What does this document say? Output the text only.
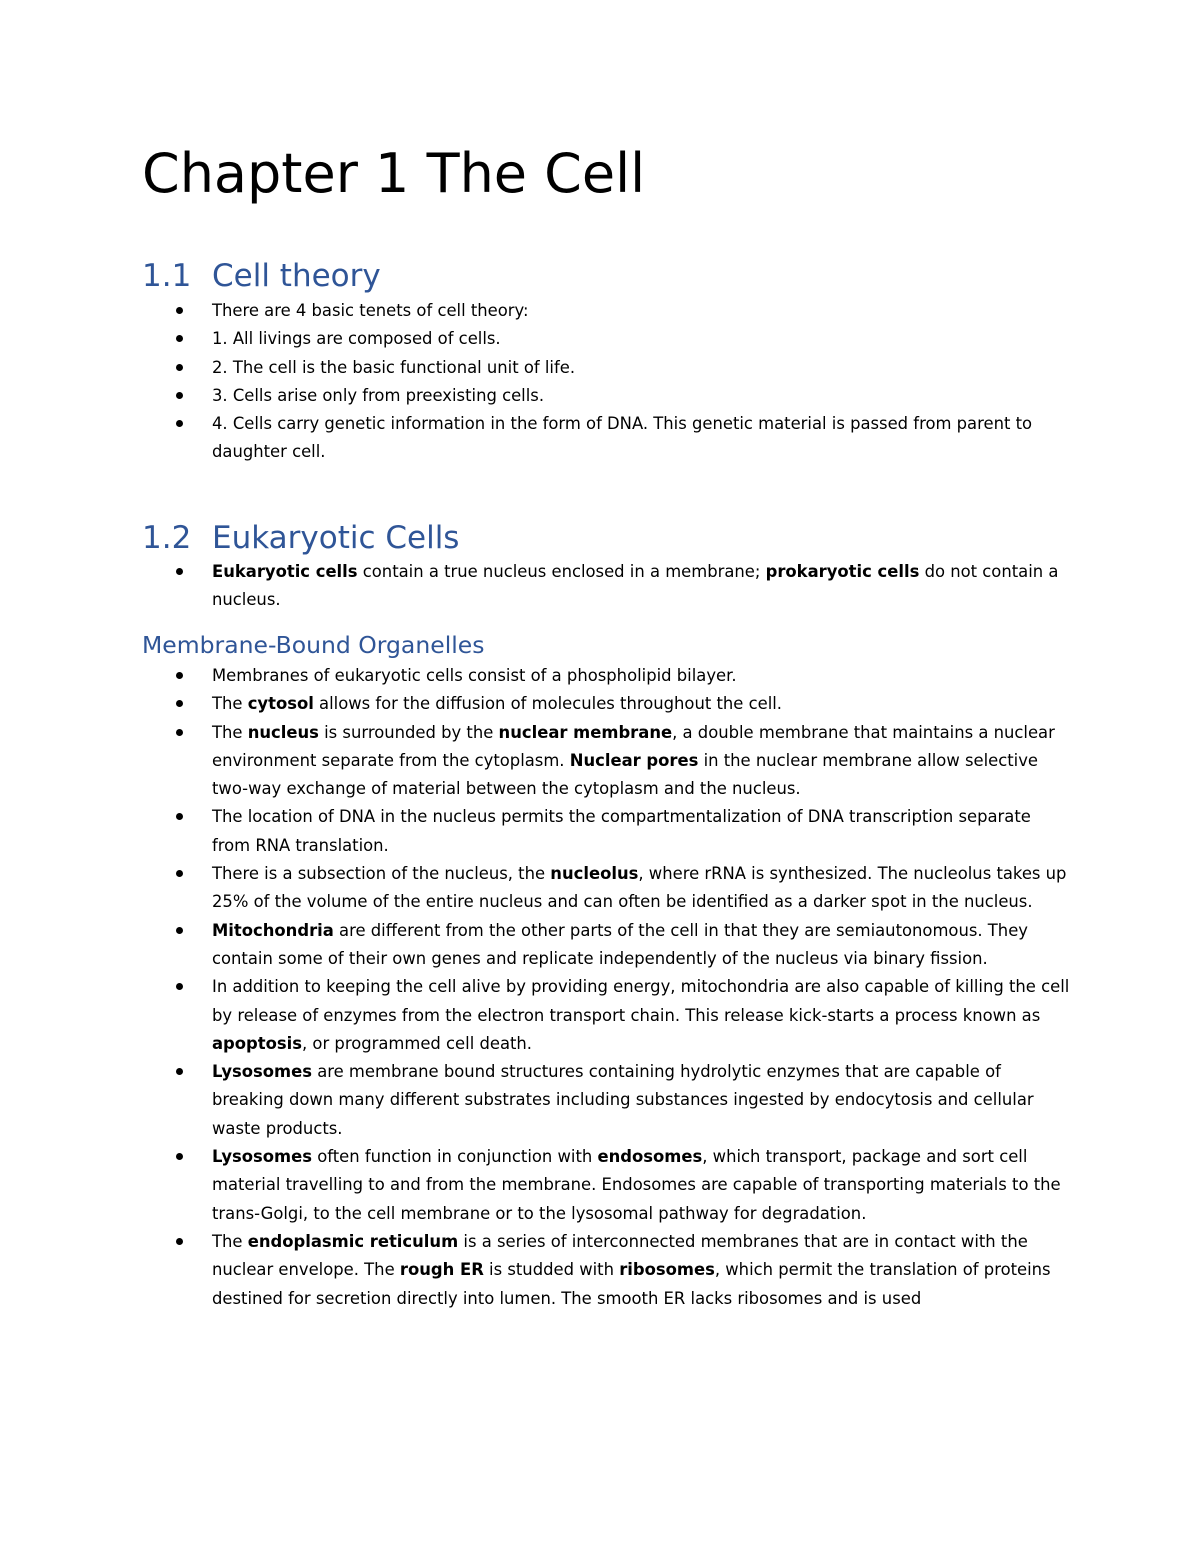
Chapter 1 The Cell
1.1 Cell theory
There are 4 basic tenets of cell theory:
1. All livings are composed of cells.
2. The cell is the basic functional unit of life.
3. Cells arise only from preexisting cells.
4. Cells carry genetic information in the form of DNA. This genetic material is passed from parent to daughter cell.
1.2 Eukaryotic Cells
Eukaryotic cells contain a true nucleus enclosed in a membrane; prokaryotic cells do not contain a nucleus.
Membrane-Bound Organelles
Membranes of eukaryotic cells consist of a phospholipid bilayer.
The cytosol allows for the diffusion of molecules throughout the cell.
The nucleus is surrounded by the nuclear membrane, a double membrane that maintains a nuclear environment separate from the cytoplasm. Nuclear pores in the nuclear membrane allow selective two-way exchange of material between the cytoplasm and the nucleus.
The location of DNA in the nucleus permits the compartmentalization of DNA transcription separate from RNA translation.
There is a subsection of the nucleus, the nucleolus, where rRNA is synthesized. The nucleolus takes up 25% of the volume of the entire nucleus and can often be identified as a darker spot in the nucleus.
Mitochondria are different from the other parts of the cell in that they are semiautonomous. They contain some of their own genes and replicate independently of the nucleus via binary fission.
In addition to keeping the cell alive by providing energy, mitochondria are also capable of killing the cell by release of enzymes from the electron transport chain. This release kick-starts a process known as apoptosis, or programmed cell death.
Lysosomes are membrane bound structures containing hydrolytic enzymes that are capable of breaking down many different substrates including substances ingested by endocytosis and cellular waste products.
Lysosomes often function in conjunction with endosomes, which transport, package and sort cell material travelling to and from the membrane. Endosomes are capable of transporting materials to the trans-Golgi, to the cell membrane or to the lysosomal pathway for degradation.
The endoplasmic reticulum is a series of interconnected membranes that are in contact with the nuclear envelope. The rough ER is studded with ribosomes, which permit the translation of proteins destined for secretion directly into lumen. The smooth ER lacks ribosomes and is used
